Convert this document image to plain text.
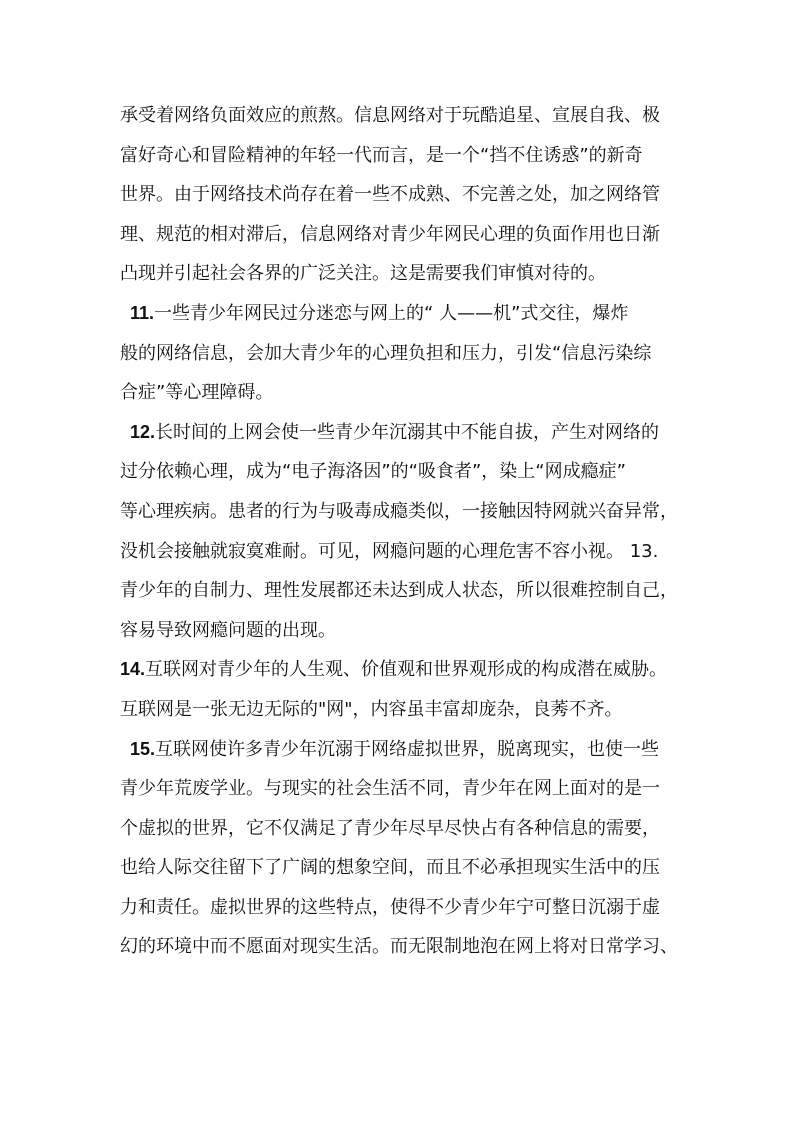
承受着网络负面效应的煎熬。信息网络对于玩酷追星、宣展自我、极
富好奇心和冒险精神的年轻一代而言，是一个“挡不住诱惑”的新奇
世界。由于网络技术尚存在着一些不成熟、不完善之处，加之网络管
理、规范的相对滞后，信息网络对青少年网民心理的负面作用也日渐
凸现并引起社会各界的广泛关注。这是需要我们审慎对待的。
11.一些青少年网民过分迷恋与网上的“ 人——机”式交往，爆炸
般的网络信息，会加大青少年的心理负担和压力，引发“信息污染综
合症”等心理障碍。
12.长时间的上网会使一些青少年沉溺其中不能自拔，产生对网络的
过分依赖心理，成为“电子海洛因”的“吸食者”，染上“网成瘾症”
等心理疾病。患者的行为与吸毒成瘾类似，一接触因特网就兴奋异常，
没机会接触就寂寞难耐。可见，网瘾问题的心理危害不容小视。 13.
青少年的自制力、理性发展都还未达到成人状态，所以很难控制自己，
容易导致网瘾问题的出现。
14.互联网对青少年的人生观、价值观和世界观形成的构成潜在威胁。
互联网是一张无边无际的"网"，内容虽丰富却庞杂，良莠不齐。
15.互联网使许多青少年沉溺于网络虚拟世界，脱离现实，也使一些
青少年荒废学业。与现实的社会生活不同，青少年在网上面对的是一
个虚拟的世界，它不仅满足了青少年尽早尽快占有各种信息的需要，
也给人际交往留下了广阔的想象空间，而且不必承担现实生活中的压
力和责任。虚拟世界的这些特点，使得不少青少年宁可整日沉溺于虚
幻的环境中而不愿面对现实生活。而无限制地泡在网上将对日常学习、
